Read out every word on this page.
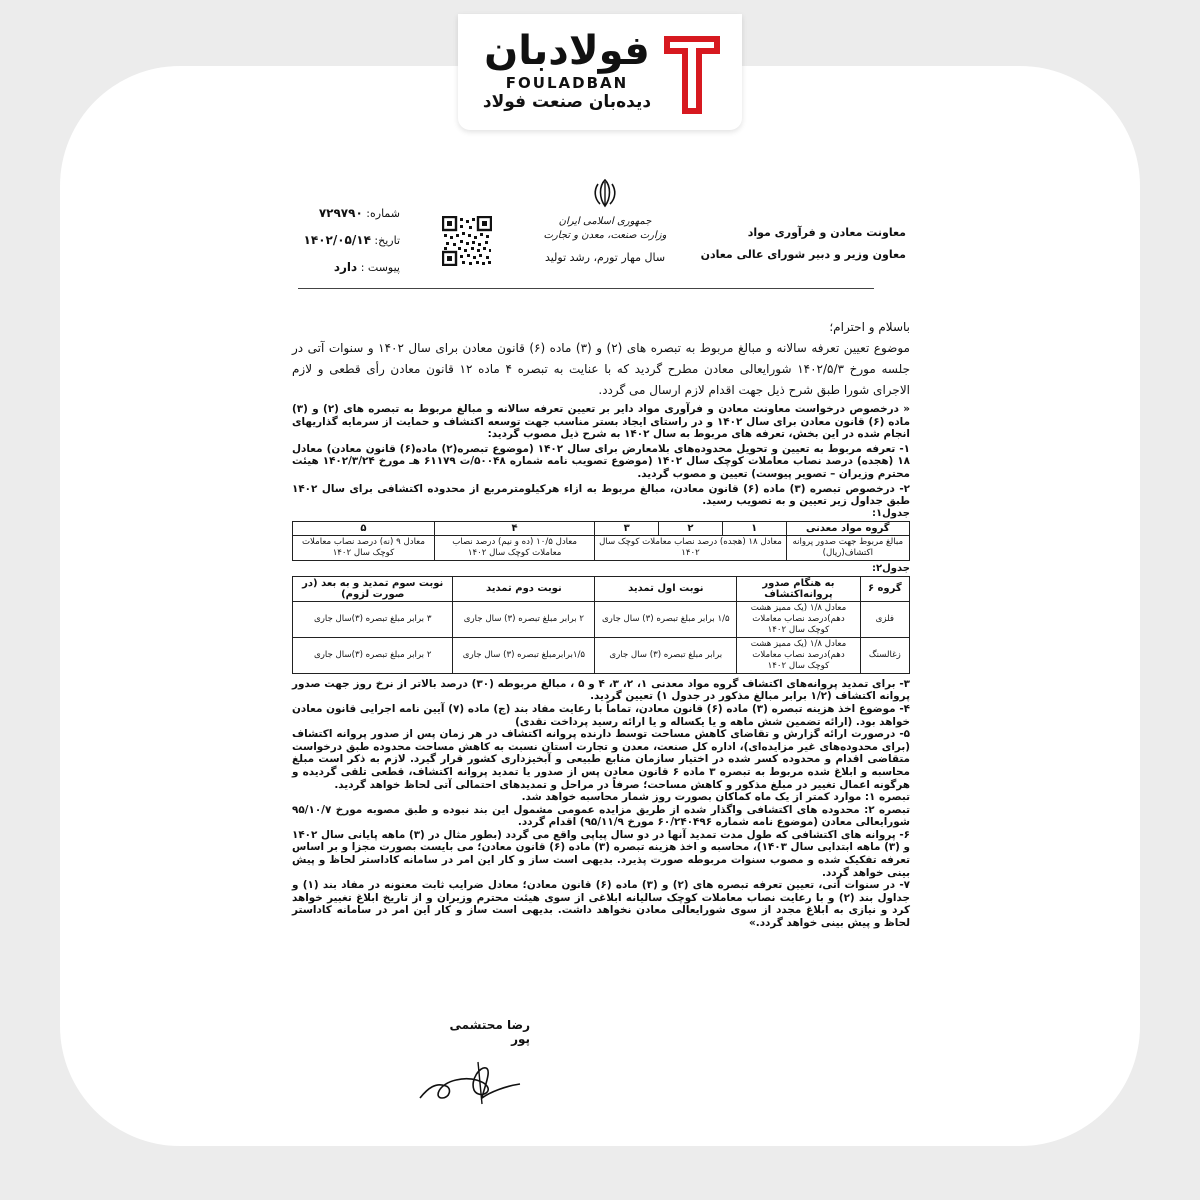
فولادبان
FOULADBAN
دیده‌بان صنعت فولاد
معاونت معادن و فرآوری مواد
معاون وزیر و دبیر شورای عالی معادن
جمهوری اسلامی ایران
وزارت صنعت، معدن و تجارت
سال مهار تورم، رشد تولید
شماره: ۷۲۹۷۹۰
تاریخ: ۱۴۰۲/۰۵/۱۴
پیوست : دارد
باسلام و احترام؛
موضوع تعیین تعرفه سالانه و مبالغ مربوط به تبصره های (۲) و (۳) ماده (۶) قانون معادن برای سال ۱۴۰۲ و سنوات آتی در جلسه مورخ ۱۴۰۲/۵/۳ شورایعالی معادن مطرح گردید که با عنایت به تبصره ۴ ماده ۱۲ قانون معادن رأی قطعی و لازم الاجرای شورا طبق شرح ذیل جهت اقدام لازم ارسال می گردد.
« درخصوص درخواست معاونت معادن و فرآوری مواد دایر بر تعیین تعرفه سالانه و مبالغ مربوط به تبصره های (۲) و (۳) ماده (۶) قانون معادن برای سال ۱۴۰۲ و در راستای ایجاد بستر مناسب جهت توسعه اکتشاف و حمایت از سرمایه گذاریهای انجام شده در این بخش، تعرفه های مربوط به سال ۱۴۰۲ به شرح ذیل مصوب گردید:
۱- تعرفه مربوط به تعیین و تحویل محدوده‌های بلامعارض برای سال ۱۴۰۲ (موضوع تبصره(۲) ماده(۶) قانون معادن) معادل ۱۸ (هجده) درصد نصاب معاملات کوچک سال ۱۴۰۲ (موضوع تصویب نامه شماره ۵۰۰۴۸/ت ۶۱۱۷۹ هـ مورخ ۱۴۰۲/۳/۲۴ هیئت محترم وزیران – تصویر پیوست) تعیین و مصوب گردید.
۲- درخصوص تبصره (۳) ماده (۶) قانون معادن، مبالغ مربوط به ازاء هرکیلومترمربع از محدوده اکتشافی برای سال ۱۴۰۲ طبق جداول زیر تعیین و به تصویب رسید.
جدول۱:
گروه مواد معدنی	۱	۲	۳	۴	۵
مبالغ مربوط جهت صدور پروانه اکتشاف(ریال)	معادل ۱۸ (هجده) درصد نصاب معاملات کوچک سال ۱۴۰۲			معادل ۱۰/۵ (ده و نیم) درصد نصاب معاملات کوچک سال ۱۴۰۲	معادل ۹ (نه) درصد نصاب معاملات کوچک سال ۱۴۰۲
جدول۲:
گروه ۶	به هنگام صدور پروانه‌اکتشاف	نوبت اول تمدید	نوبت دوم تمدید	نوبت سوم تمدید و به بعد (در صورت لزوم)
فلزی	معادل ۱/۸ (یک ممیز هشت دهم)درصد نصاب معاملات کوچک سال ۱۴۰۲	۱/۵ برابر مبلغ تبصره (۳) سال جاری	۲ برابر مبلغ تبصره (۳) سال جاری	۳ برابر مبلغ تبصره (۳)سال جاری
زغالسنگ	معادل ۱/۸ (یک ممیز هشت دهم)درصد نصاب معاملات کوچک سال ۱۴۰۲	برابر مبلغ تبصره (۳) سال جاری	۱/۵برابرمبلغ تبصره (۳) سال جاری	۲ برابر مبلغ تبصره (۳)سال جاری
۳- برای تمدید پروانه‌های اکتشاف گروه مواد معدنی ۱، ۲، ۳، ۴ و ۵ ، مبالغ مربوطه (۳۰) درصد بالاتر از نرخ روز جهت صدور پروانه اکتشاف (۱/۲ برابر مبالغ مذکور در جدول ۱) تعیین گردید.
۴- موضوع اخذ هزینه تبصره (۳) ماده (۶) قانون معادن، تماماً با رعایت مفاد بند (ج) ماده (۷) آیین نامه اجرایی قانون معادن خواهد بود. (ارائه تضمین شش ماهه و یا یکساله و یا ارائه رسید پرداخت نقدی)
۵- درصورت ارائه گزارش و تقاضای کاهش مساحت توسط دارنده پروانه اکتشاف در هر زمان پس از صدور پروانه اکتشاف (برای محدوده‌های غیر مزایده‌ای)، اداره کل صنعت، معدن و تجارت استان نسبت به کاهش مساحت محدوده طبق درخواست متقاضی اقدام و محدوده کسر شده در اختیار سازمان منابع طبیعی و آبخیزداری کشور قرار گیرد. لازم به ذکر است مبلغ محاسبه و ابلاغ شده مربوط به تبصره ۳ ماده ۶ قانون معادن پس از صدور یا تمدید پروانه اکتشاف، قطعی تلقی گردیده و هرگونه اعمال تغییر در مبلغ مذکور و کاهش مساحت؛ صرفاً در مراحل و تمدیدهای احتمالی آتی لحاظ خواهد گردید.
تبصره ۱: موارد کمتر از یک ماه کماکان بصورت روز شمار محاسبه خواهد شد.
تبصره ۲: محدوده های اکتشافی واگذار شده از طریق مزایده عمومی مشمول این بند نبوده و طبق مصوبه مورخ ۹۵/۱۰/۷ شورایعالی معادن (موضوع نامه شماره ۶۰/۲۴۰۴۹۶ مورخ ۹۵/۱۱/۹) اقدام گردد.
۶- پروانه های اکتشافی که طول مدت تمدید آنها در دو سال پیاپی واقع می گردد (بطور مثال در (۳) ماهه پایانی سال ۱۴۰۲ و (۳) ماهه ابتدایی سال ۱۴۰۳)، محاسبه و اخذ هزینه تبصره (۳) ماده (۶) قانون معادن؛ می بایست بصورت مجزا و بر اساس تعرفه تفکیک شده و مصوب سنوات مربوطه صورت پذیرد. بدیهی است ساز و کار این امر در سامانه کاداستر لحاظ و پیش بینی خواهد گردد.
۷- در سنوات آتی، تعیین تعرفه تبصره های (۲) و (۳) ماده (۶) قانون معادن؛ معادل ضرایب ثابت معنونه در مفاد بند (۱) و جداول بند (۲) و با رعایت نصاب معاملات کوچک سالیانه ابلاغی از سوی هیئت محترم وزیران و از تاریخ ابلاغ تغییر خواهد کرد و نیازی به ابلاغ مجدد از سوی شورایعالی معادن نخواهد داشت. بدیهی است ساز و کار این امر در سامانه کاداستر لحاظ و پیش بینی خواهد گردد.»
رضا محتشمی پور
